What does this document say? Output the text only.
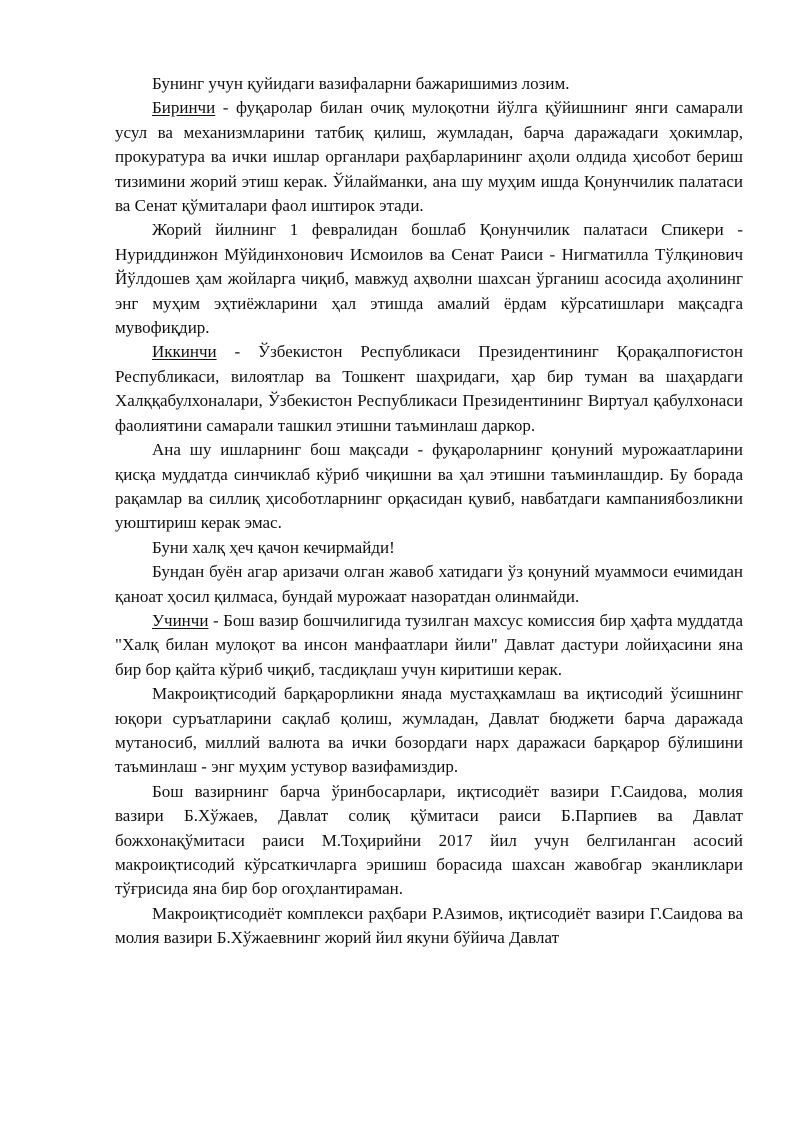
Бунинг учун қуйидаги вазифаларни бажаришимиз лозим.

Биринчи - фуқаролар билан очиқ мулоқотни йўлга қўйишнинг янги самарали усул ва механизмларини татбиқ қилиш, жумладан, барча даражадаги ҳокимлар, прокуратура ва ички ишлар органлари раҳбарларининг аҳоли олдида ҳисобот бериш тизимини жорий этиш керак. Ўйлайманки, ана шу муҳим ишда Қонунчилик палатаси ва Сенат қўмиталари фаол иштирок этади.

Жорий йилнинг 1 февралидан бошлаб Қонунчилик палатаси Спикери - Нуриддинжон Мўйдинхонович Исмоилов ва Сенат Раиси - Нигматилла Тўлқинович Йўлдошев ҳам жойларга чиқиб, мавжуд аҳволни шахсан ўрганиш асосида аҳолининг энг муҳим эҳтиёжларини ҳал этишда амалий ёрдам кўрсатишлари мақсадга мувофиқдир.

Иккинчи - Ўзбекистон Республикаси Президентининг Қорақалпоғистон Республикаси, вилоятлар ва Тошкент шаҳридаги, ҳар бир туман ва шаҳардаги Халққабулхоналари, Ўзбекистон Республикаси Президентининг Виртуал қабулхонаси фаолиятини самарали ташкил этишни таъминлаш даркор.

Ана шу ишларнинг бош мақсади - фуқароларнинг қонуний мурожаатларини қисқа муддатда синчиклаб кўриб чиқишни ва ҳал этишни таъминлашдир. Бу борада рақамлар ва силлиқ ҳисоботларнинг орқасидан қувиб, навбатдаги кампаниябозликни уюштириш керак эмас.

Буни халқ ҳеч қачон кечирмайди!

Бундан буён агар аризачи олган жавоб хатидаги ўз қонуний муаммоси ечимидан қаноат ҳосил қилмаса, бундай мурожаат назоратдан олинмайди.

Учинчи - Бош вазир бошчилигида тузилган махсус комиссия бир ҳафта муддатда "Халқ билан мулоқот ва инсон манфаатлари йили" Давлат дастури лойиҳасини яна бир бор қайта кўриб чиқиб, тасдиқлаш учун киритиши керак.

Макроиқтисодий барқарорликни янада мустаҳкамлаш ва иқтисодий ўсишнинг юқори суръатларини сақлаб қолиш, жумладан, Давлат бюджети барча даражада мутаносиб, миллий валюта ва ички бозордаги нарх даражаси барқарор бўлишини таъминлаш - энг муҳим устувор вазифамиздир.

Бош вазирнинг барча ўринбосарлари, иқтисодиёт вазири Г.Саидова, молия вазири Б.Хўжаев, Давлат солиқ қўмитаси раиси Б.Парпиев ва Давлат божхонақўмитаси раиси М.Тоҳирийни 2017 йил учун белгиланган асосий макроиқтисодий кўрсаткичларга эришиш борасида шахсан жавобгар эканликлари тўғрисида яна бир бор огоҳлантираман.

Макроиқтисодиёт комплекси раҳбари Р.Азимов, иқтисодиёт вазири Г.Саидова ва молия вазири Б.Хўжаевнинг жорий йил якуни бўйича Давлат
